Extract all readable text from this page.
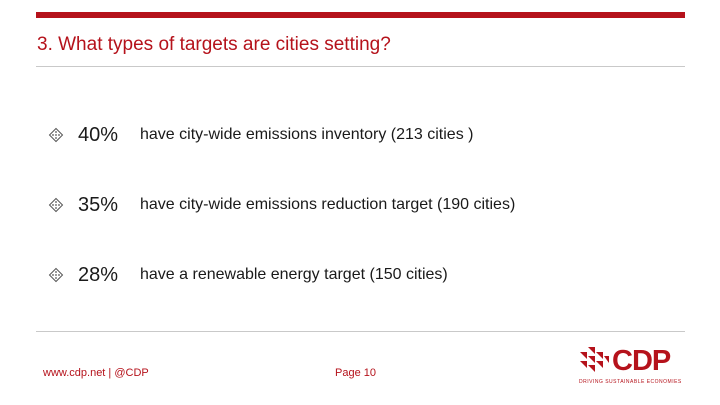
3. What types of targets are cities setting?
40%	have city-wide emissions inventory (213 cities )
35%	have city-wide emissions reduction target (190 cities)
28%	have a renewable energy target (150 cities)
www.cdp.net | @CDP	Page 10	CDP
DRIVING SUSTAINABLE ECONOMIES
